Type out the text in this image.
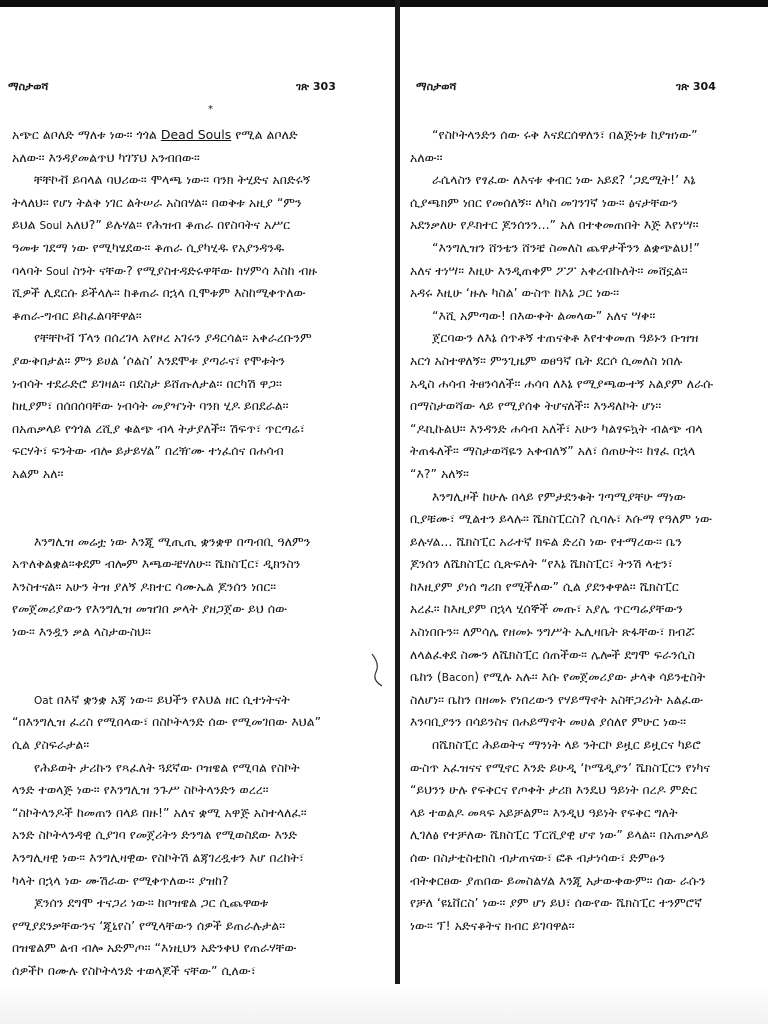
ማስታወሻ	ገጽ 303
*
አጭር ልቦለድ ማለቱ ነው፡፡ ጎጎል Dead Souls የሚል ልቦለድ
አለው፡፡ እንዳያመልጥህ ካገኘህ አንብበው፡፡
ቸቸኮቭ ይባላል ባህሪው፡፡ ሞላጫ ነው፡፡ ባንክ ትሂድና አበድሩኝ
ትላለህ፡፡ የሆነ ትልቅ ነገር ልትሠራ አስበሃል፡፡ በወቅቱ አዚያ “ምን
ይህል Soul አለህ?” ይሉሃል፡፡ የሕዝብ ቆጠራ በየስባትና አሥር
ዓመቱ ገደማ ነው የሚካሄደው፡፡ ቆጠራ ሲያካሂዱ የአያንዳንዱ
ባላባት Soul ስንት ናቸው? የሚያስተዳድሩዋቸው ከሃምሳ እስከ ብዙ
ሺዎች ሊደርሱ ይችላሉ፡፡ ከቆጠራ በኋላ ቢሞቱም እስከሚቀጥለው
ቆጠራ-ግብር ይከፈልባቸዋል፡፡
የቸቸኮቭ ፕላን በሰረገላ አየዞረ አገሩን ያዳርሳል፡፡ አቀራረቡንም
ያውቅበታል፡፡ ምን ይሀል ‘ሶልስ’ እንደሞቱ ያጣራና፣ የሞቱትን
ነብሳት ተደራድሮ ይገዛል፡፡ በደስታ ይሸጡለታል፡፡ በርካሽ ዋጋ፡፡
ከዚያም፣ በሰበሰባቸው ነብሳት መያዣነት ባንክ ሂዶ ይበደራል፡፡
በአጠቃላይ የጎጎል ረሺያ ቁልጭ ብላ ትታያለች፡፡ ሽፍጥ፣ ጥርጣሬ፣
ፍርሃት፣ ፍንትው ብሎ ይታይሃል” በረዥሙ ተነፈሰና በሐሳብ
አልም አለ፡፡
እንግሊዝ መሬቷ ነው እንጂ ሚጢጢ ቋንቋዋ በጣብቢ ዓለምን
አጥለቅልቋል፡፡ቀደም ብሎም እጫውቼሃለሁ፡፡ ሼክስፒር፣ ዲክንስን
እንስተናል፡፡ አሁን ትዝ ያለኝ ዶክተር ሳሙኤል ጆንሰን ነበር፡፡
የመጀመሪያውን የእንግሊዝ መዝገበ ቃላት ያዘጋጀው ይህ ሰው
ነው፡፡ እንዷን ቃል ላስታውስህ፡፡
Oat በእኛ ቋንቋ አጃ ነው፡፡ ይህችን የእህል ዘር ሲተነትናት
“በእንግሊዝ ፈረስ የሚበላው፣ በስኮትላንድ ሰው የሚመገበው እህል”
ሲል ያስፍራታል፡፡
የሕይወት ታሪኩን የጻፈለት ጓደኛው ቦዝዌል የሚባል የስኮት
ላንድ ተወላጅ ነው፡፡ የእንግሊዝ ንጉሥ ስኮትላንድን ወረረ፡፡
“ስኮትላንዶች ከመጠን በላይ በዙ!” አለና ቋሚ አዋጅ አስተላለፈ፡፡
አንድ ስኮትላንዳዊ ሲያገባ የመጀሪትን ድንግል የሚወስደው እንድ
እንግሊዛዊ ነው፡፡ እንግሊዛዊው የስኮትሽ ልጃገረዷቱን እሆ በረከት፣
ካላት በኋላ ነው ሙሽራው የሚቀጥለው፡፡ ያዝከ?
ጆንሰን ደግሞ ተናጋሪ ነው፡፡ ከቦዝዌል ጋር ሲጨዋወቱ
የሚያደንቃቸውንና ‘ጂኒየስ’ የሚላቸውን ሰዎች ይጠራሉታል፡፡
በዝዌልም ልብ ብሎ አድምጦ፡፡ “እነዚህን አድንቀህ የጠራሃቸው
ሰዎችኮ በሙሉ የስኮትላንድ ተወላጆች ናቸው” ሲለው፣
ማስታወሻ	ገጽ 304
“የስኮትላንድን ሰው ሩቅ እናደርሰዋለን፣ በልጅነቱ ከያዝነው”
አለው፡፡
ራሴላስን የፃፈው ለእናቱ ቀብር ነው አይደ? ‘ጋዴሚት!’ እኔ
ሲያጫክም ነበር የመሰለኝ፡፡ ለካስ መገንገኛ ነው፡፡ ፅናታቸውን
አደንቃለሁ የዶክተር ጆንሰንን...” አለ በተቀመጠበት እጅ እየነሣ፡፡
“እንግሊዝን ሸንቴን ሸንቼ ስመለስ ጨዋታችንን ልቋጭልህ!”
አለና ተነሣ፡፡ እዚሁ እንዲጠቀም ፖፖ አቀረብኩለት፡፡ መሸኗል፡፡
አዳሩ እዚሁ ‘ዙሉ ካስል’ ውስጥ ከእኔ ጋር ነው፡፡
“እሺ አምጣው! በእውቀት ልመላው” አለና ሣቀ፡፡
ጀርባውን ለእኔ ሰጥቶኝ ተጠናቅቶ እየተቀመጠ ዓይኑን ቡዝዝ
አርጎ አስተዋለኝ፡፡ ምንጊዜም ወፀዓኛ ቤት ደርሶ ሲመለስ ነበሉ
አዲስ ሐሳብ ትፀንሳለች፡፡ ሐሳባ ለእኔ የሚያጫውተኝ አልያም ለራሱ
በማስታወሻው ላይ የሚያሰቀ ትሆናለች፡፡ እንዳለኮት ሆነ፡፡
“ዶኪኩልህ፡፡ እንዳንድ ሐሳብ አለች፣ አሁን ካልፃፍኳት ብልጭ ብላ
ትጠፋለች፡፡ ማስታወሻዬን አቀብለኝ” አለ፣ ሰጠሁት፡፡ ከፃፈ በኋላ
“እ?” አለኝ፡፡
እንግሊዞች ከሁሉ በላይ የምታደንቁት ገጣሚያቸሁ ማነው
ቢያቹሙ፣ ሚልተን ይላሉ፡፡ ሼክስፒርስ? ሲባሉ፣ እሱማ የዓለም ነው
ይሉሃል... ሼክስፒር አራተኛ ክፍል ድረስ ነው የተማረው፡፡ ቤን
ጆንሰን ለሼክስፒር ሲጽፍለት “የእኔ ሼክስፒር፣ ትንሽ ላቲን፣
ከእዚያም ያነሰ ግሪክ የሚችለው” ሲል ያደንቀዋል፡፡ ሼክስፒር
አረፈ፡፡ ከእዚያም በኋላ ሂሰኞች መጡ፣ አያሌ ጥርጣሬያቸውን
አስነበቡን፡፡ ለምሳሌ የዘመኑ ንግሥት ኤሊዛቤት ጽፋቸው፣ ክብሯ
ለላልፈቀደ ስሙን ለሼክስፒር ሰጠችው፡፡ ሌሎች ደግሞ ፍራንሲስ
ቤከን (Bacon) የሚሉ አሉ፡፡ እሱ የመጀመሪያው ታላቅ ሳይንቲስት
ስለሆነ፡፡ ቤከን በዘመኑ የነበረውን የሃይማኖት አስቸጋሪነት አልፈው
እንባቢያንን በሳይንስና በሐይማኖት መሀል ያሰለየ ምሁር ነው፡፡
በሼክስፒር ሕይወትና ማንነት ላይ ንትርኮ ይዟር ይዟርና ካይሮ
ውስጥ አፈዝናና የሚኖር እንድ ይሁዲ ‘ኮሜዲያን’ ሼክስፒርን የነካና
“ይህንን ሁሉ የፍቅርና የጦቀት ታሪክ እንዴህ ዓይነት በረዶ ምድር
ላይ ተወልዶ መጻፍ አይቻልም፡፡ እንዲህ ዓይነት የፍቅር ግለት
ሊገለፅ የተቻለው ሼክስፒር ፕርሺያዊ ሆኖ ነው” ይላል፡፡ በአጠቃላይ
ሰው በስታቲስቲክስ ብታጠናው፣ ፎቶ ብታነሳው፣ ድምፁን
ብትቀርፀው ያጠበው ይመስልሃል እንጂ አታውቀውም፡፡ ሰው ራሱን
የቻለ ‘ዩኒቨርስ’ ነው፡፡ ያም ሆነ ይህ፣ ሰውየው ሼክስፒር ተንምሮኛ
ነው፡፡ ፕ! አድናቆትና ክብር ይገባዋል፡፡
